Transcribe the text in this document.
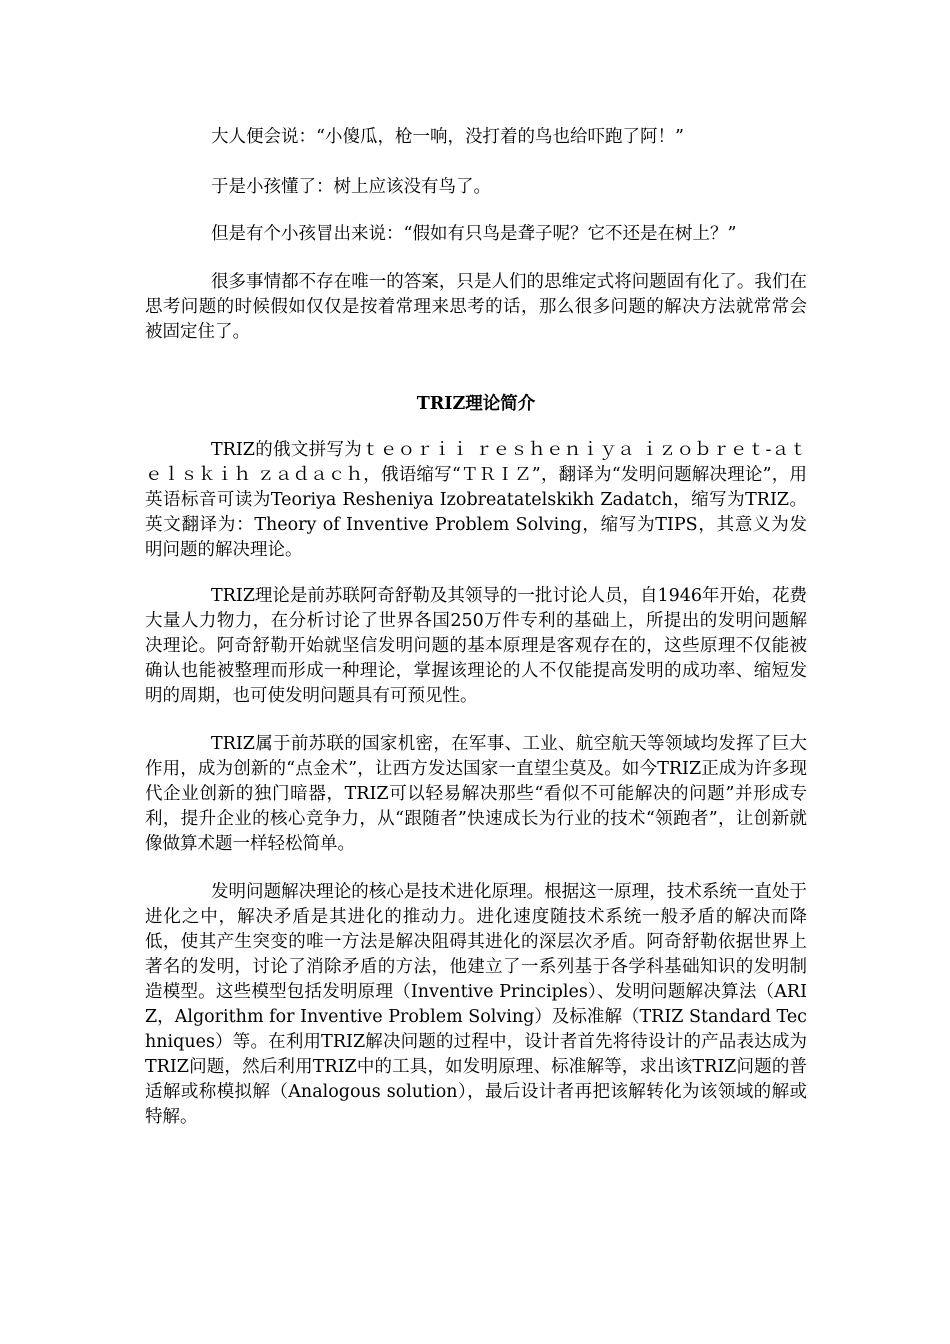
大人便会说：“小傻瓜，枪一响，没打着的鸟也给吓跑了阿！”

于是小孩懂了：树上应该没有鸟了。

但是有个小孩冒出来说：“假如有只鸟是聋子呢？它不还是在树上？”

很多事情都不存在唯一的答案，只是人们的思维定式将问题固有化了。我们在思考问题的时候假如仅仅是按着常理来思考的话，那么很多问题的解决方法就常常会被固定住了。

TRIZ理论简介

TRIZ的俄文拼写为ｔｅｏｒｉｉ ｒｅｓｈｅｎｉｙａ ｉｚｏｂｒｅｔ-ａｔｅｌｓｋｉｈ ｚａｄａｃｈ，俄语缩写“ＴＲＩＺ”，翻译为“发明问题解决理论”，用英语标音可读为Teoriya Resheniya Izobreatatelskikh Zadatch，缩写为TRIZ。英文翻译为：Theory of Inventive Problem Solving，缩写为TIPS，其意义为发明问题的解决理论。

TRIZ理论是前苏联阿奇舒勒及其领导的一批讨论人员，自1946年开始，花费大量人力物力，在分析讨论了世界各国250万件专利的基础上，所提出的发明问题解决理论。阿奇舒勒开始就坚信发明问题的基本原理是客观存在的，这些原理不仅能被确认也能被整理而形成一种理论，掌握该理论的人不仅能提高发明的成功率、缩短发明的周期，也可使发明问题具有可预见性。

TRIZ属于前苏联的国家机密，在军事、工业、航空航天等领域均发挥了巨大作用，成为创新的“点金术”，让西方发达国家一直望尘莫及。如今TRIZ正成为许多现代企业创新的独门暗器，TRIZ可以轻易解决那些“看似不可能解决的问题”并形成专利，提升企业的核心竞争力，从“跟随者”快速成长为行业的技术“领跑者”，让创新就像做算术题一样轻松简单。

发明问题解决理论的核心是技术进化原理。根据这一原理，技术系统一直处于进化之中，解决矛盾是其进化的推动力。进化速度随技术系统一般矛盾的解决而降低，使其产生突变的唯一方法是解决阻碍其进化的深层次矛盾。阿奇舒勒依据世界上著名的发明，讨论了消除矛盾的方法，他建立了一系列基于各学科基础知识的发明制造模型。这些模型包括发明原理（Inventive Principles）、发明问题解决算法（ARIZ，Algorithm for Inventive Problem Solving）及标准解（TRIZ Standard Techniques）等。在利用TRIZ解决问题的过程中，设计者首先将待设计的产品表达成为TRIZ问题，然后利用TRIZ中的工具，如发明原理、标准解等，求出该TRIZ问题的普适解或称模拟解（Analogous solution），最后设计者再把该解转化为该领域的解或特解。
